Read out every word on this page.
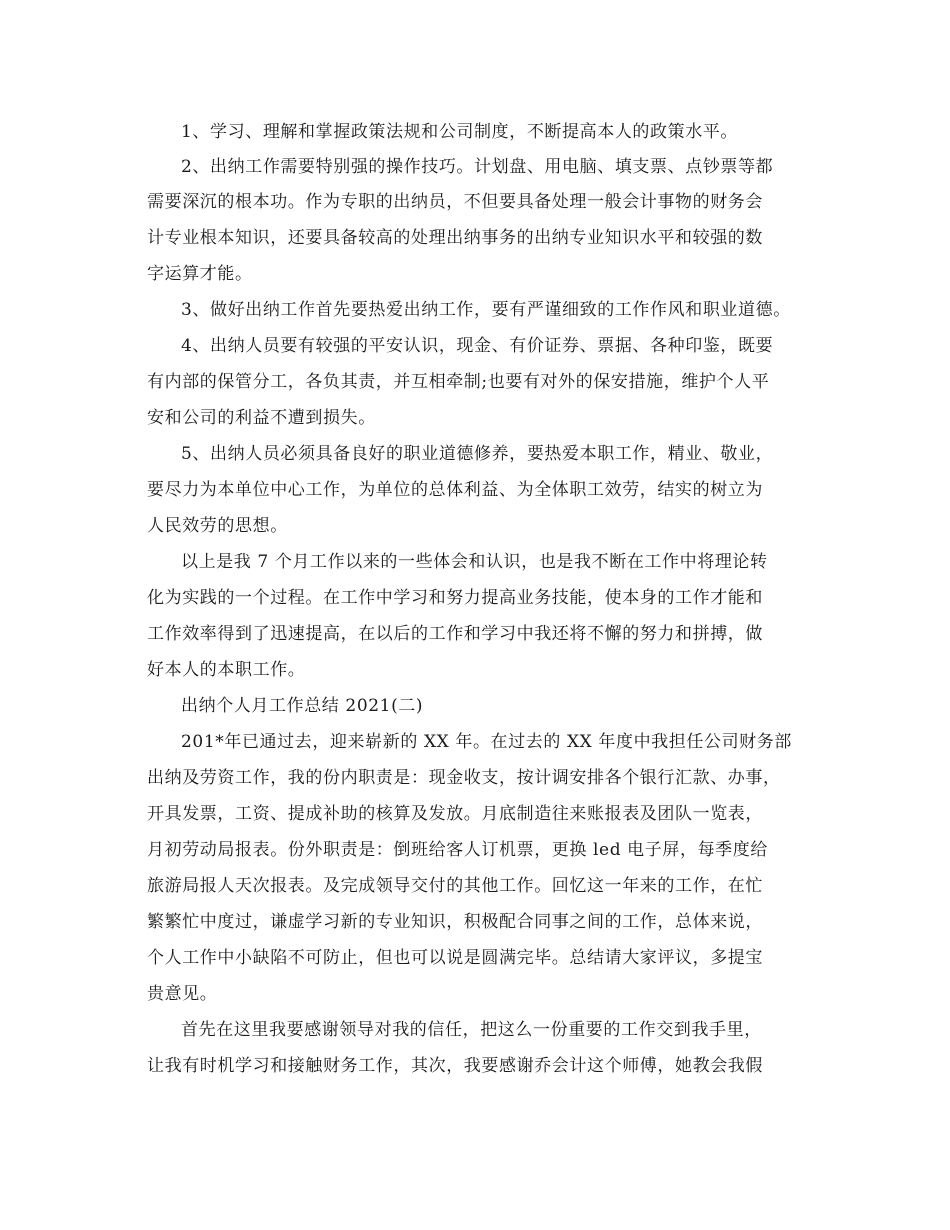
1、学习、理解和掌握政策法规和公司制度，不断提高本人的政策水平。
2、出纳工作需要特别强的操作技巧。计划盘、用电脑、填支票、点钞票等都
需要深沉的根本功。作为专职的出纳员，不但要具备处理一般会计事物的财务会
计专业根本知识，还要具备较高的处理出纳事务的出纳专业知识水平和较强的数
字运算才能。
3、做好出纳工作首先要热爱出纳工作，要有严谨细致的工作作风和职业道德。
4、出纳人员要有较强的平安认识，现金、有价证券、票据、各种印鉴，既要
有内部的保管分工，各负其责，并互相牵制;也要有对外的保安措施，维护个人平
安和公司的利益不遭到损失。
5、出纳人员必须具备良好的职业道德修养，要热爱本职工作，精业、敬业，
要尽力为本单位中心工作，为单位的总体利益、为全体职工效劳，结实的树立为
人民效劳的思想。
以上是我 7 个月工作以来的一些体会和认识，也是我不断在工作中将理论转
化为实践的一个过程。在工作中学习和努力提高业务技能，使本身的工作才能和
工作效率得到了迅速提高，在以后的工作和学习中我还将不懈的努力和拼搏，做
好本人的本职工作。
出纳个人月工作总结 2021(二)
201*年已通过去，迎来崭新的 XX 年。在过去的 XX 年度中我担任公司财务部
出纳及劳资工作，我的份内职责是：现金收支，按计调安排各个银行汇款、办事，
开具发票，工资、提成补助的核算及发放。月底制造往来账报表及团队一览表，
月初劳动局报表。份外职责是：倒班给客人订机票，更换 led 电子屏，每季度给
旅游局报人天次报表。及完成领导交付的其他工作。回忆这一年来的工作，在忙
繁繁忙中度过，谦虚学习新的专业知识，积极配合同事之间的工作，总体来说，
个人工作中小缺陷不可防止，但也可以说是圆满完毕。总结请大家评议，多提宝
贵意见。
首先在这里我要感谢领导对我的信任，把这么一份重要的工作交到我手里，
让我有时机学习和接触财务工作，其次，我要感谢乔会计这个师傅，她教会我假
